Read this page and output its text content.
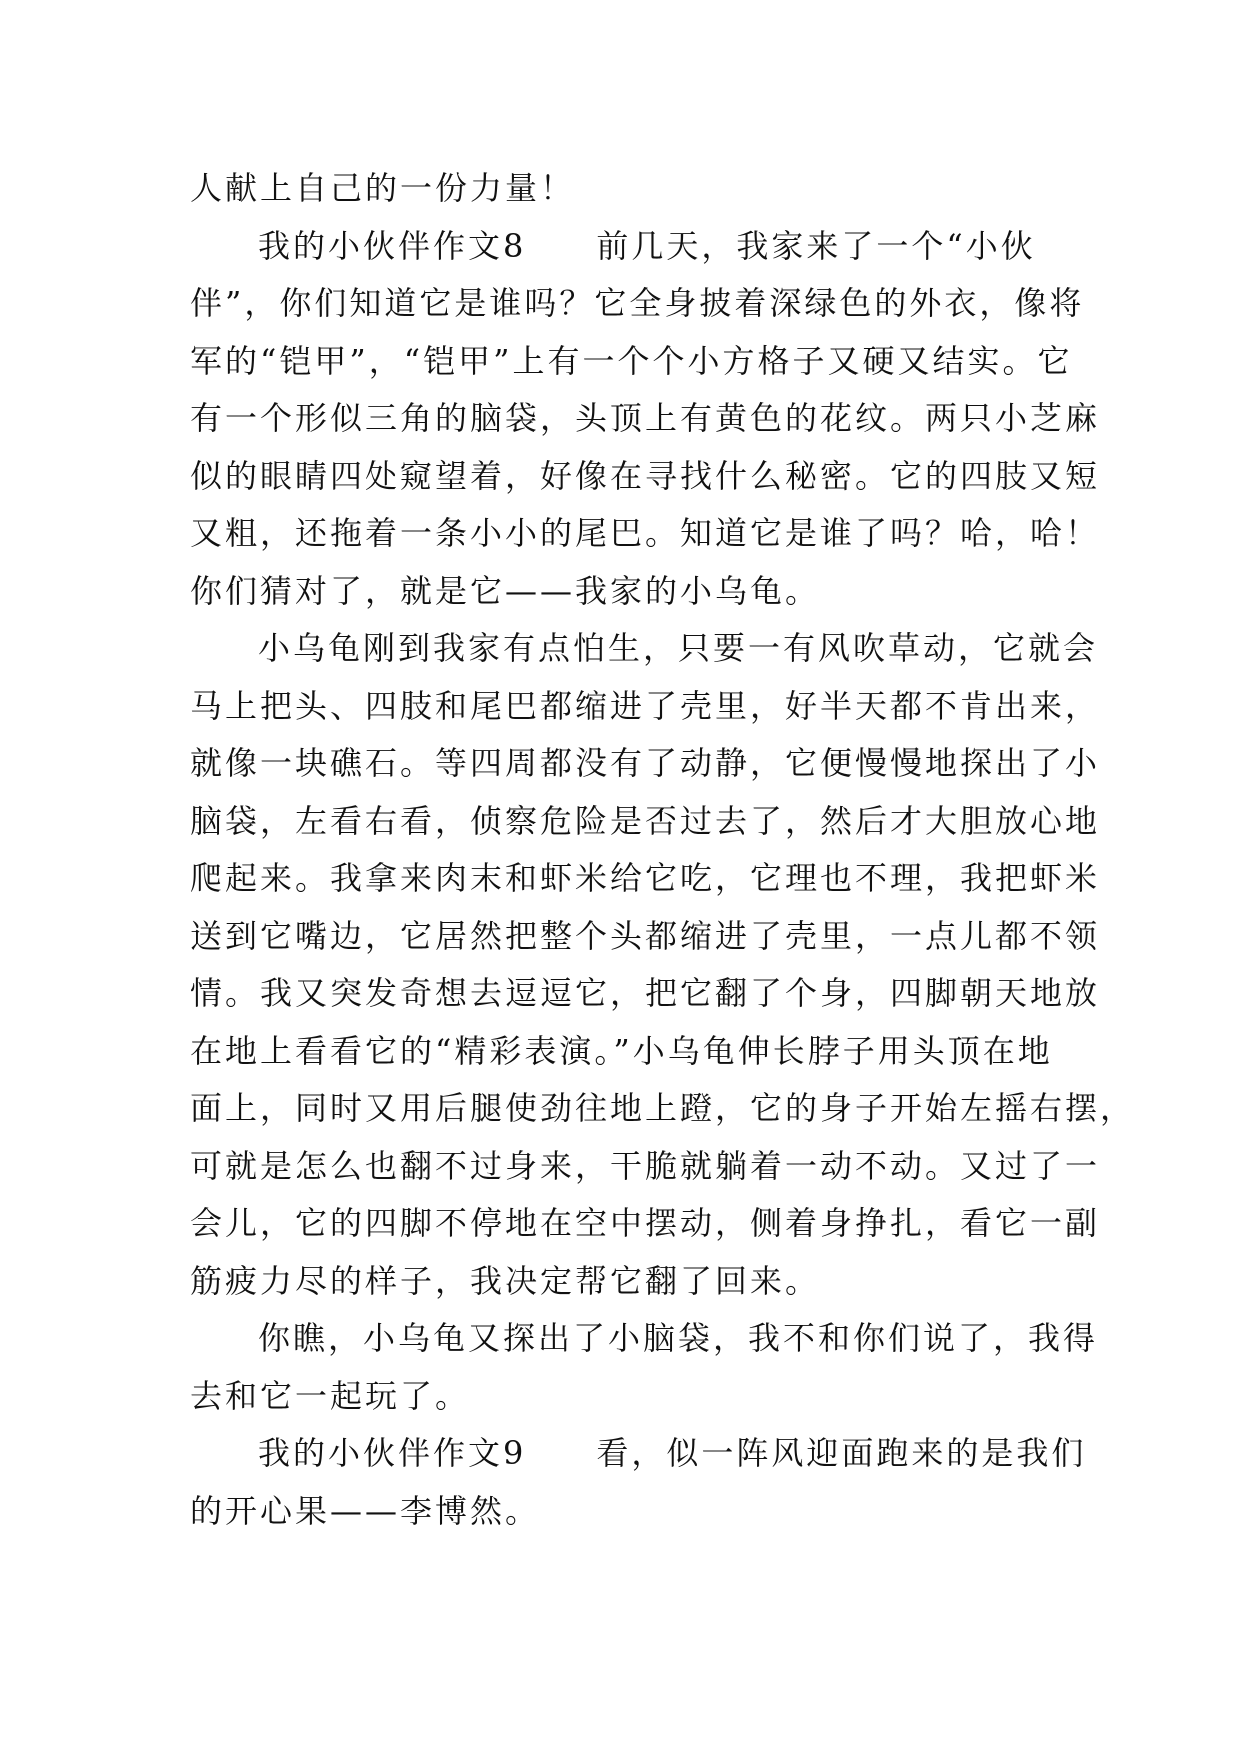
人献上自己的一份力量！
我的小伙伴作文8　　前几天，我家来了一个“小伙
伴”，你们知道它是谁吗？它全身披着深绿色的外衣，像将
军的“铠甲”，“铠甲”上有一个个小方格子又硬又结实。它
有一个形似三角的脑袋，头顶上有黄色的花纹。两只小芝麻
似的眼睛四处窥望着，好像在寻找什么秘密。它的四肢又短
又粗，还拖着一条小小的尾巴。知道它是谁了吗？哈，哈！
你们猜对了，就是它——我家的小乌龟。
小乌龟刚到我家有点怕生，只要一有风吹草动，它就会
马上把头、四肢和尾巴都缩进了壳里，好半天都不肯出来，
就像一块礁石。等四周都没有了动静，它便慢慢地探出了小
脑袋，左看右看，侦察危险是否过去了，然后才大胆放心地
爬起来。我拿来肉末和虾米给它吃，它理也不理，我把虾米
送到它嘴边，它居然把整个头都缩进了壳里，一点儿都不领
情。我又突发奇想去逗逗它，把它翻了个身，四脚朝天地放
在地上看看它的“精彩表演。”小乌龟伸长脖子用头顶在地
面上，同时又用后腿使劲往地上蹬，它的身子开始左摇右摆，
可就是怎么也翻不过身来，干脆就躺着一动不动。又过了一
会儿，它的四脚不停地在空中摆动，侧着身挣扎，看它一副
筋疲力尽的样子，我决定帮它翻了回来。
你瞧，小乌龟又探出了小脑袋，我不和你们说了，我得
去和它一起玩了。
我的小伙伴作文9　　看，似一阵风迎面跑来的是我们
的开心果——李博然。
